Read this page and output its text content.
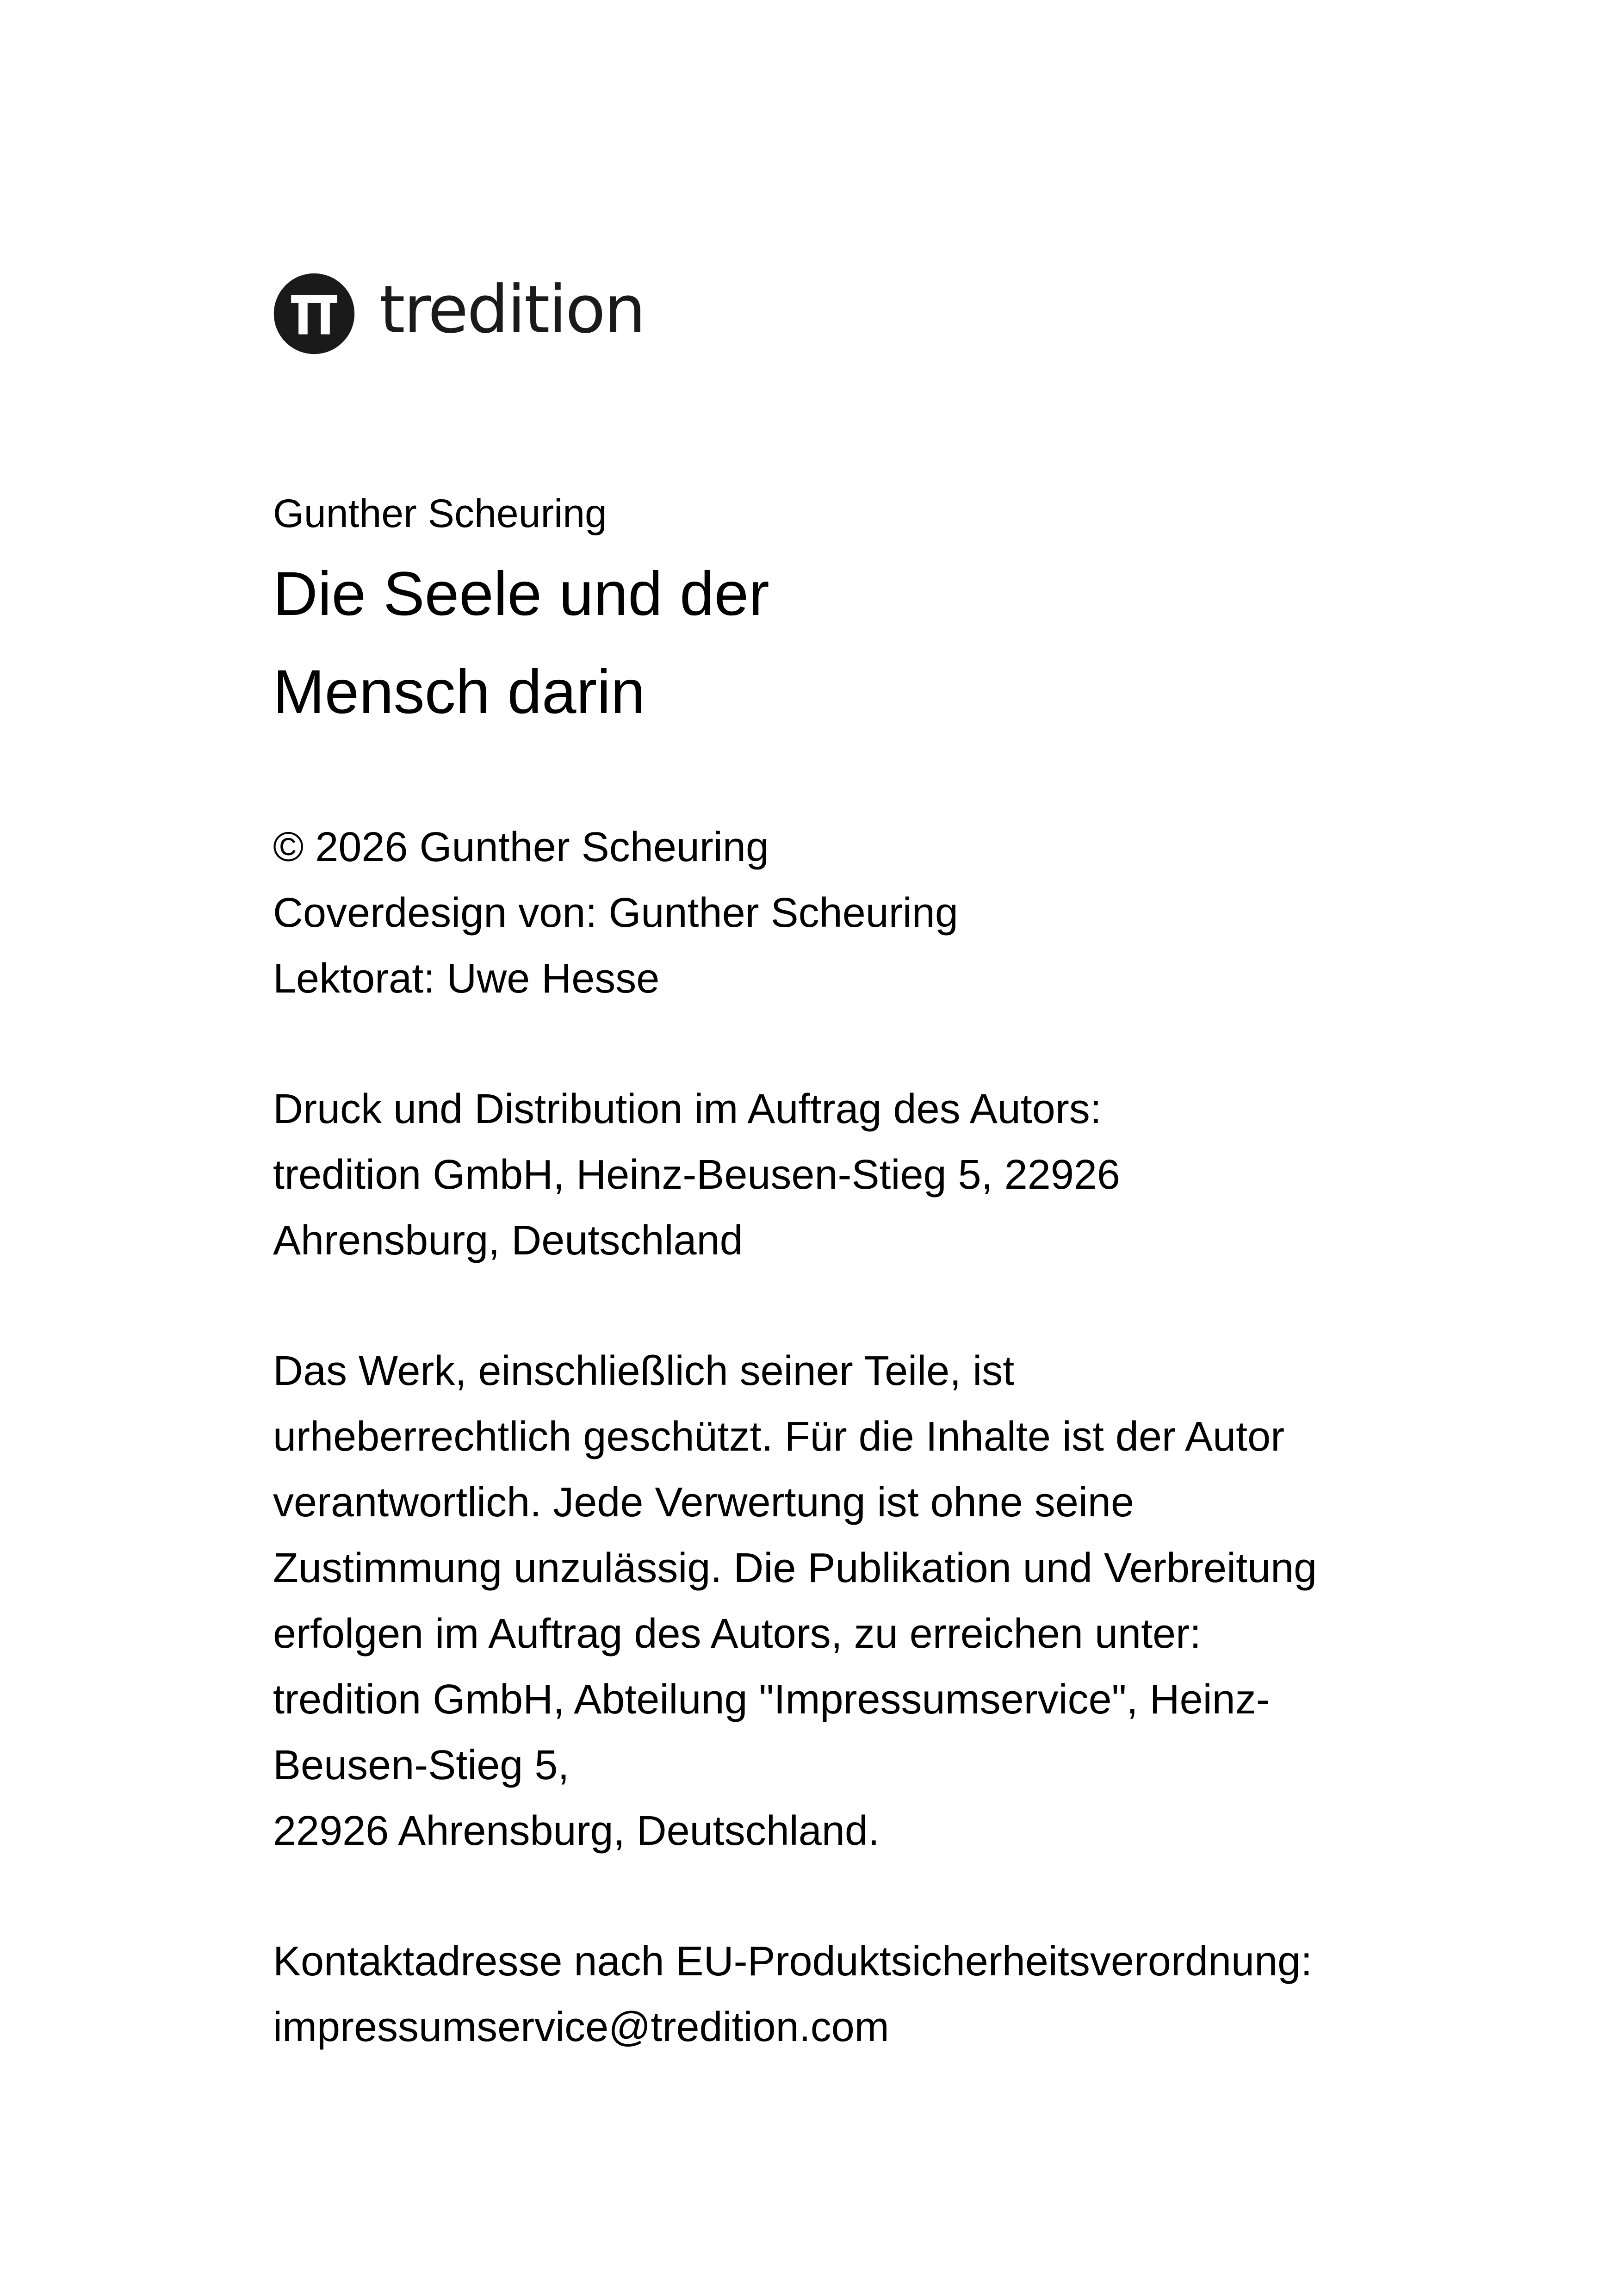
tredition

Gunther Scheuring

Die Seele und der
Mensch darin
© 2026 Gunther Scheuring
Coverdesign von: Gunther Scheuring
Lektorat: Uwe Hesse
Druck und Distribution im Auftrag des Autors:
tredition GmbH, Heinz-Beusen-Stieg 5, 22926
Ahrensburg, Deutschland
Das Werk, einschließlich seiner Teile, ist
urheberrechtlich geschützt. Für die Inhalte ist der Autor
verantwortlich. Jede Verwertung ist ohne seine
Zustimmung unzulässig. Die Publikation und Verbreitung
erfolgen im Auftrag des Autors, zu erreichen unter:
tredition GmbH, Abteilung "Impressumservice", Heinz-
Beusen-Stieg 5,
22926 Ahrensburg, Deutschland.
Kontaktadresse nach EU-Produktsicherheitsverordnung:
impressumservice@tredition.com
